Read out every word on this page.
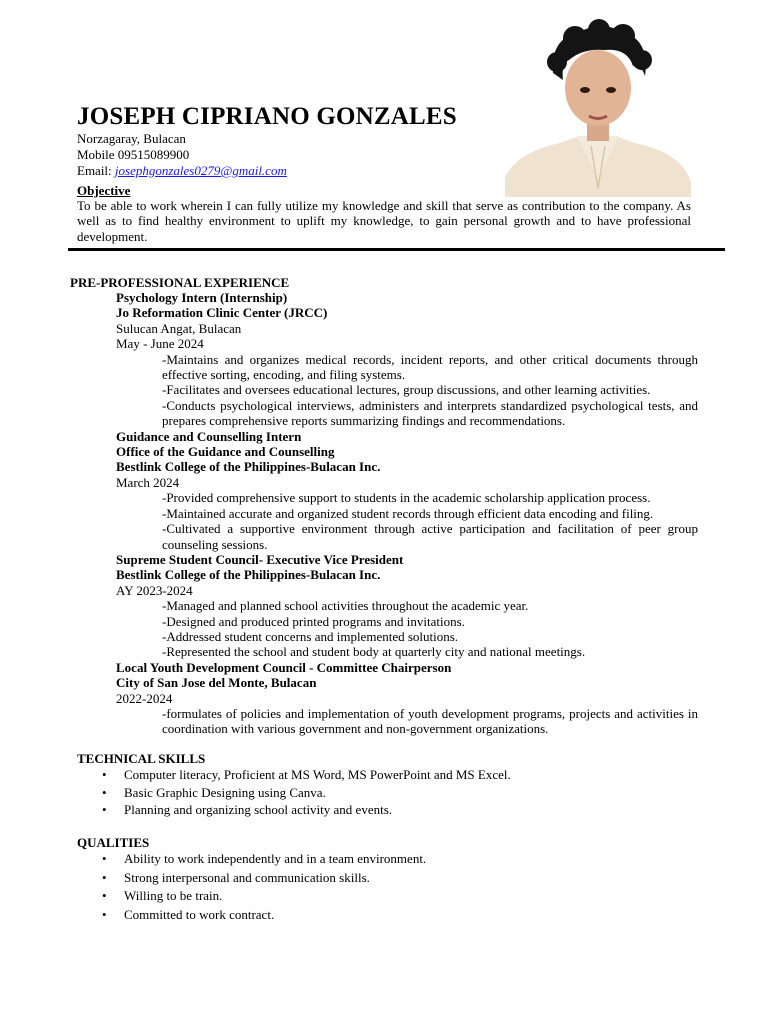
JOSEPH CIPRIANO GONZALES
Norzagaray, Bulacan
Mobile 09515089900
Email: josephgonzales0279@gmail.com
Objective
To be able to work wherein I can fully utilize my knowledge and skill that serve as contribution to the company. As well as to find healthy environment to uplift my knowledge, to gain personal growth and to have professional development.
PRE-PROFESSIONAL EXPERIENCE
Psychology Intern (Internship)
Jo Reformation Clinic Center (JRCC)
Sulucan Angat, Bulacan
May - June 2024
-Maintains and organizes medical records, incident reports, and other critical documents through effective sorting, encoding, and filing systems.
-Facilitates and oversees educational lectures, group discussions, and other learning activities.
-Conducts psychological interviews, administers and interprets standardized psychological tests, and prepares comprehensive reports summarizing findings and recommendations.
Guidance and Counselling Intern
Office of the Guidance and Counselling
Bestlink College of the Philippines-Bulacan Inc.
March 2024
-Provided comprehensive support to students in the academic scholarship application process.
-Maintained accurate and organized student records through efficient data encoding and filing.
-Cultivated a supportive environment through active participation and facilitation of peer group counseling sessions.
Supreme Student Council- Executive Vice President
Bestlink College of the Philippines-Bulacan Inc.
AY 2023-2024
-Managed and planned school activities throughout the academic year.
-Designed and produced printed programs and invitations.
-Addressed student concerns and implemented solutions.
-Represented the school and student body at quarterly city and national meetings.
Local Youth Development Council - Committee Chairperson
City of San Jose del Monte, Bulacan
2022-2024
-formulates of policies and implementation of youth development programs, projects and activities in coordination with various government and non-government organizations.
TECHNICAL SKILLS
• Computer literacy, Proficient at MS Word, MS PowerPoint and MS Excel.
• Basic Graphic Designing using Canva.
• Planning and organizing school activity and events.
QUALITIES
• Ability to work independently and in a team environment.
• Strong interpersonal and communication skills.
• Willing to be train.
• Committed to work contract.
